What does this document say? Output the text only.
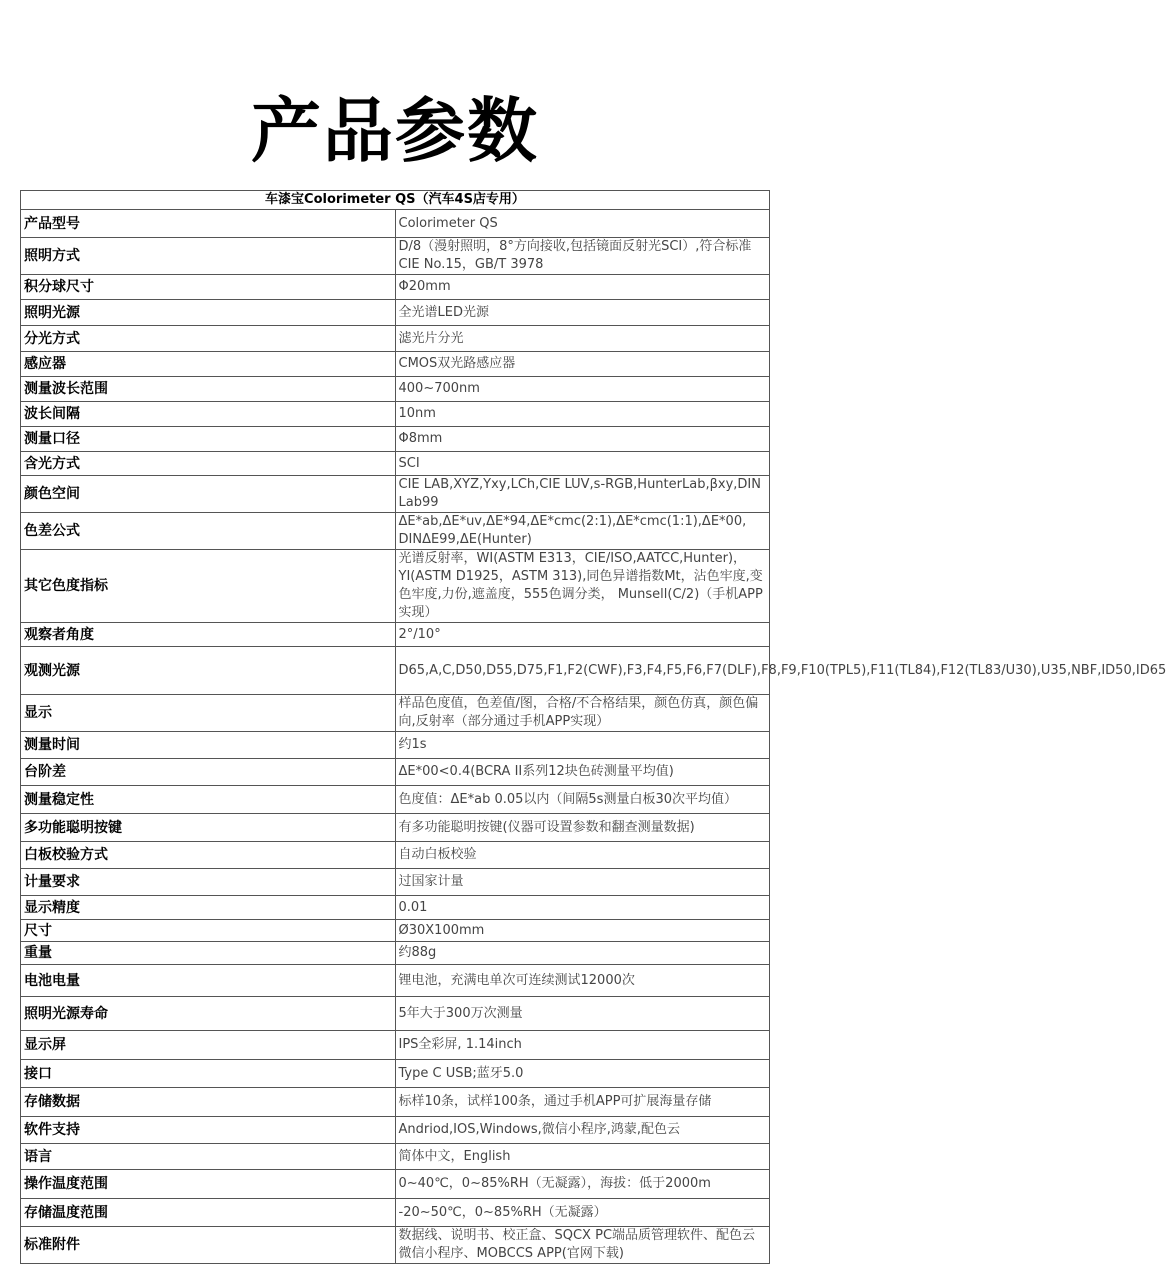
产品参数
车漆宝Colorimeter QS（汽车4S店专用）	
产品型号	Colorimeter QS
照明方式	D/8（漫射照明，8°方向接收,包括镜面反射光SCI）,符合标准CIE No.15，GB/T 3978
积分球尺寸	Φ20mm
照明光源	全光谱LED光源
分光方式	滤光片分光
感应器	CMOS双光路感应器
测量波长范围	400~700nm
波长间隔	10nm
测量口径	Φ8mm
含光方式	SCI
颜色空间	CIE LAB,XYZ,Yxy,LCh,CIE LUV,s-RGB,HunterLab,βxy,DIN Lab99
色差公式	ΔE*ab,ΔE*uv,ΔE*94,ΔE*cmc(2:1),ΔE*cmc(1:1),ΔE*00, DINΔE99,ΔE(Hunter)
其它色度指标	光谱反射率，WI(ASTM E313，CIE/ISO,AATCC,Hunter)，YI(ASTM D1925，ASTM 313),同色异谱指数Mt，沾色牢度,变色牢度,力份,遮盖度，555色调分类， Munsell(C/2)（手机APP实现）
观察者角度	2°/10°
观测光源	D65,A,C,D50,D55,D75,F1,F2(CWF),F3,F4,F5,F6,F7(DLF),F8,F9,F10(TPL5),F11(TL84),F12(TL83/U30),U35,NBF,ID50,ID65
显示	样品色度值，色差值/图，合格/不合格结果，颜色仿真，颜色偏向,反射率（部分通过手机APP实现）
测量时间	约1s
台阶差	ΔE*00<0.4(BCRA II系列12块色砖测量平均值)
测量稳定性	色度值：ΔE*ab 0.05以内（间隔5s测量白板30次平均值）
多功能聪明按键	有多功能聪明按键(仪器可设置参数和翻查测量数据)
白板校验方式	自动白板校验
计量要求	过国家计量
显示精度	0.01
尺寸	Ø30X100mm
重量	约88g
电池电量	锂电池，充满电单次可连续测试12000次
照明光源寿命	5年大于300万次测量
显示屏	IPS全彩屏, 1.14inch
接口	Type C USB;蓝牙5.0
存储数据	标样10条，试样100条，通过手机APP可扩展海量存储
软件支持	Andriod,IOS,Windows,微信小程序,鸿蒙,配色云
语言	简体中文，English
操作温度范围	0~40℃，0~85%RH（无凝露），海拔：低于2000m
存储温度范围	-20~50℃，0~85%RH（无凝露）
标准附件	数据线、说明书、校正盒、SQCX PC端品质管理软件、配色云微信小程序、MOBCCS APP(官网下载)
